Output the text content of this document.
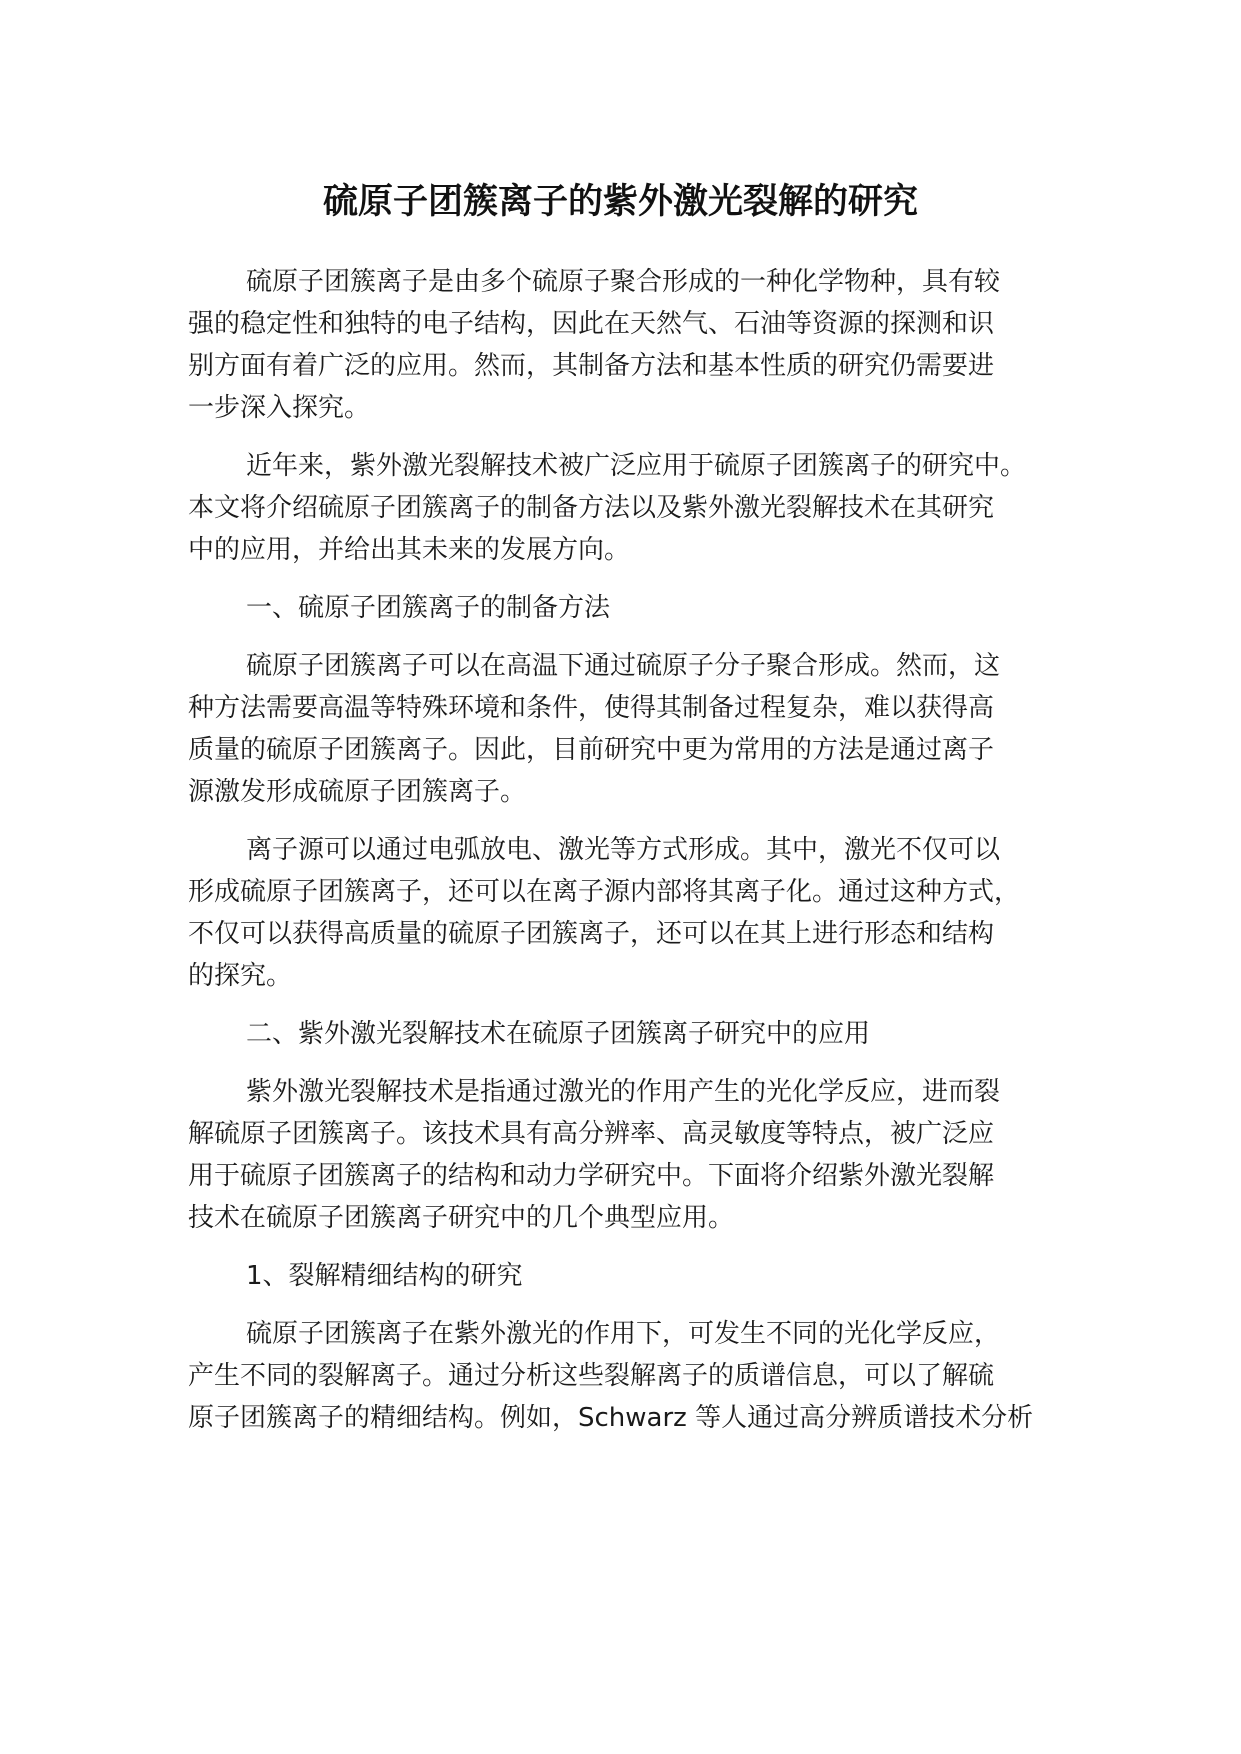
硫原子团簇离子的紫外激光裂解的研究

硫原子团簇离子是由多个硫原子聚合形成的一种化学物种，具有较

强的稳定性和独特的电子结构，因此在天然气、石油等资源的探测和识

别方面有着广泛的应用。然而，其制备方法和基本性质的研究仍需要进

一步深入探究。

近年来，紫外激光裂解技术被广泛应用于硫原子团簇离子的研究中。

本文将介绍硫原子团簇离子的制备方法以及紫外激光裂解技术在其研究

中的应用，并给出其未来的发展方向。

一、硫原子团簇离子的制备方法

硫原子团簇离子可以在高温下通过硫原子分子聚合形成。然而，这

种方法需要高温等特殊环境和条件，使得其制备过程复杂，难以获得高

质量的硫原子团簇离子。因此，目前研究中更为常用的方法是通过离子

源激发形成硫原子团簇离子。

离子源可以通过电弧放电、激光等方式形成。其中，激光不仅可以

形成硫原子团簇离子，还可以在离子源内部将其离子化。通过这种方式，

不仅可以获得高质量的硫原子团簇离子，还可以在其上进行形态和结构

的探究。

二、紫外激光裂解技术在硫原子团簇离子研究中的应用

紫外激光裂解技术是指通过激光的作用产生的光化学反应，进而裂

解硫原子团簇离子。该技术具有高分辨率、高灵敏度等特点，被广泛应

用于硫原子团簇离子的结构和动力学研究中。下面将介绍紫外激光裂解

技术在硫原子团簇离子研究中的几个典型应用。

1、裂解精细结构的研究

硫原子团簇离子在紫外激光的作用下，可发生不同的光化学反应，

产生不同的裂解离子。通过分析这些裂解离子的质谱信息，可以了解硫

原子团簇离子的精细结构。例如，Schwarz 等人通过高分辨质谱技术分析
